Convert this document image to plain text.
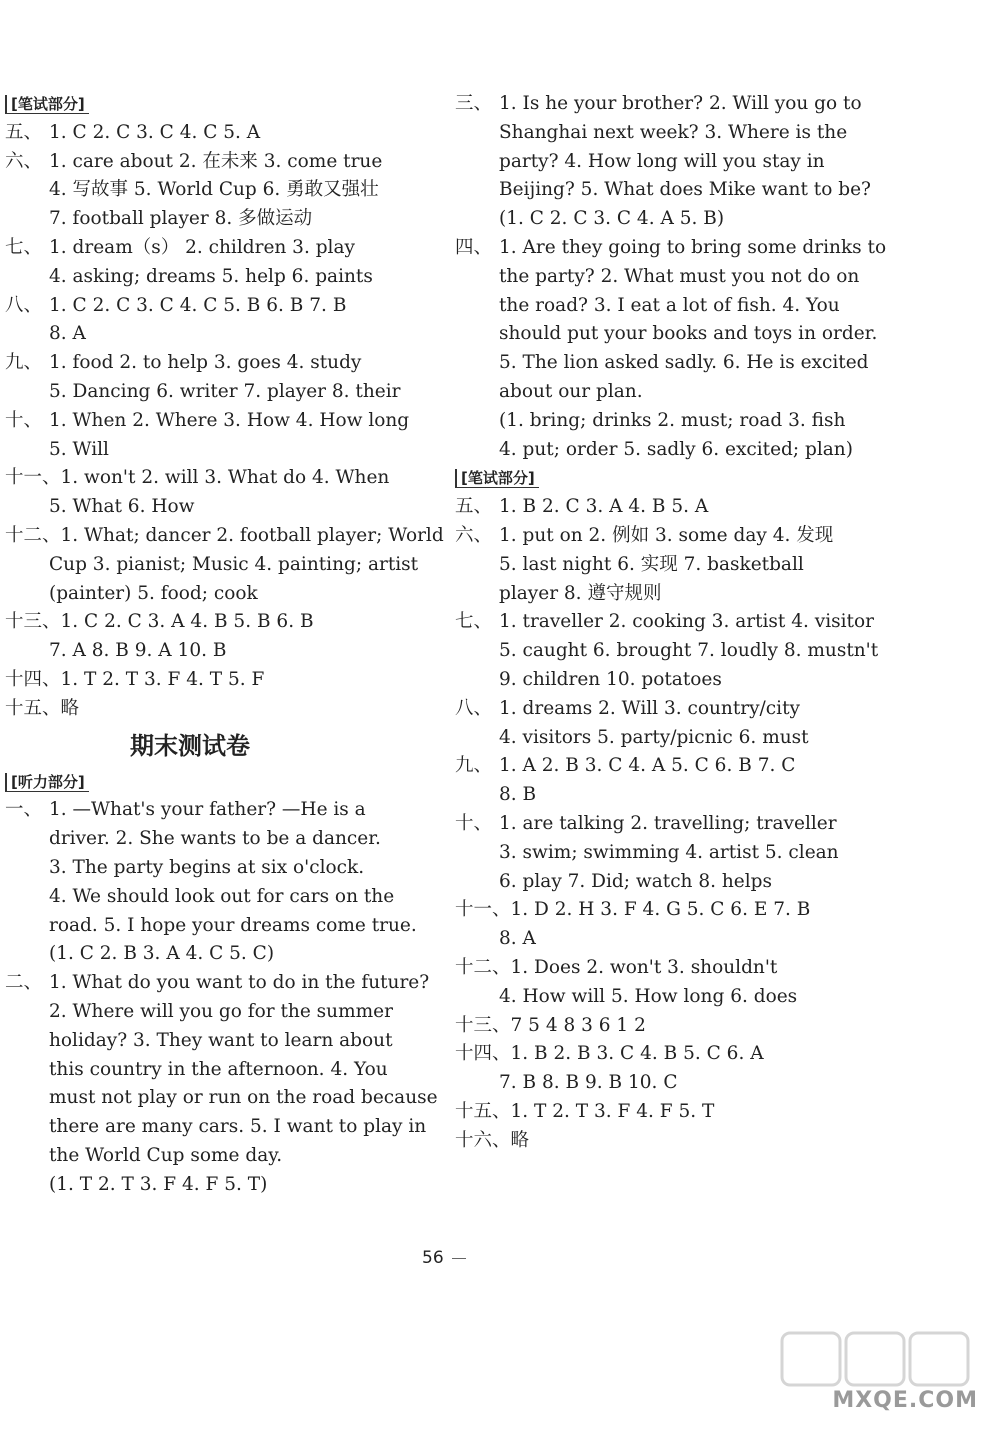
[笔试部分]
五、 1. C 2. C 3. C 4. C 5. A
六、 1. care about 2. 在未来 3. come true
4. 写故事 5. World Cup 6. 勇敢又强壮
7. football player 8. 多做运动
七、 1. dream（s） 2. children 3. play
4. asking; dreams 5. help 6. paints
八、 1. C 2. C 3. C 4. C 5. B 6. B 7. B
8. A
九、 1. food 2. to help 3. goes 4. study
5. Dancing 6. writer 7. player 8. their
十、 1. When 2. Where 3. How 4. How long
5. Will
十一、1. won't 2. will 3. What do 4. When
5. What 6. How
十二、1. What; dancer 2. football player; World
Cup 3. pianist; Music 4. painting; artist
(painter) 5. food; cook
十三、1. C 2. C 3. A 4. B 5. B 6. B
7. A 8. B 9. A 10. B
十四、1. T 2. T 3. F 4. T 5. F
十五、略
期末测试卷
[听力部分]
一、 1. —What's your father? —He is a
driver. 2. She wants to be a dancer.
3. The party begins at six o'clock.
4. We should look out for cars on the
road. 5. I hope your dreams come true.
(1. C 2. B 3. A 4. C 5. C)
二、 1. What do you want to do in the future?
2. Where will you go for the summer
holiday? 3. They want to learn about
this country in the afternoon. 4. You
must not play or run on the road because
there are many cars. 5. I want to play in
the World Cup some day.
(1. T 2. T 3. F 4. F 5. T)
三、 1. Is he your brother? 2. Will you go to
Shanghai next week? 3. Where is the
party? 4. How long will you stay in
Beijing? 5. What does Mike want to be?
(1. C 2. C 3. C 4. A 5. B)
四、 1. Are they going to bring some drinks to
the party? 2. What must you not do on
the road? 3. I eat a lot of fish. 4. You
should put your books and toys in order.
5. The lion asked sadly. 6. He is excited
about our plan.
(1. bring; drinks 2. must; road 3. fish
4. put; order 5. sadly 6. excited; plan)
[笔试部分]
五、 1. B 2. C 3. A 4. B 5. A
六、 1. put on 2. 例如 3. some day 4. 发现
5. last night 6. 实现 7. basketball
player 8. 遵守规则
七、 1. traveller 2. cooking 3. artist 4. visitor
5. caught 6. brought 7. loudly 8. mustn't
9. children 10. potatoes
八、 1. dreams 2. Will 3. country/city
4. visitors 5. party/picnic 6. must
九、 1. A 2. B 3. C 4. A 5. C 6. B 7. C
8. B
十、 1. are talking 2. travelling; traveller
3. swim; swimming 4. artist 5. clean
6. play 7. Did; watch 8. helps
十一、1. D 2. H 3. F 4. G 5. C 6. E 7. B
8. A
十二、1. Does 2. won't 3. shouldn't
4. How will 5. How long 6. does
十三、7 5 4 8 3 6 1 2
十四、1. B 2. B 3. C 4. B 5. C 6. A
7. B 8. B 9. B 10. C
十五、1. T 2. T 3. F 4. F 5. T
十六、略
56
MXQE.COM
